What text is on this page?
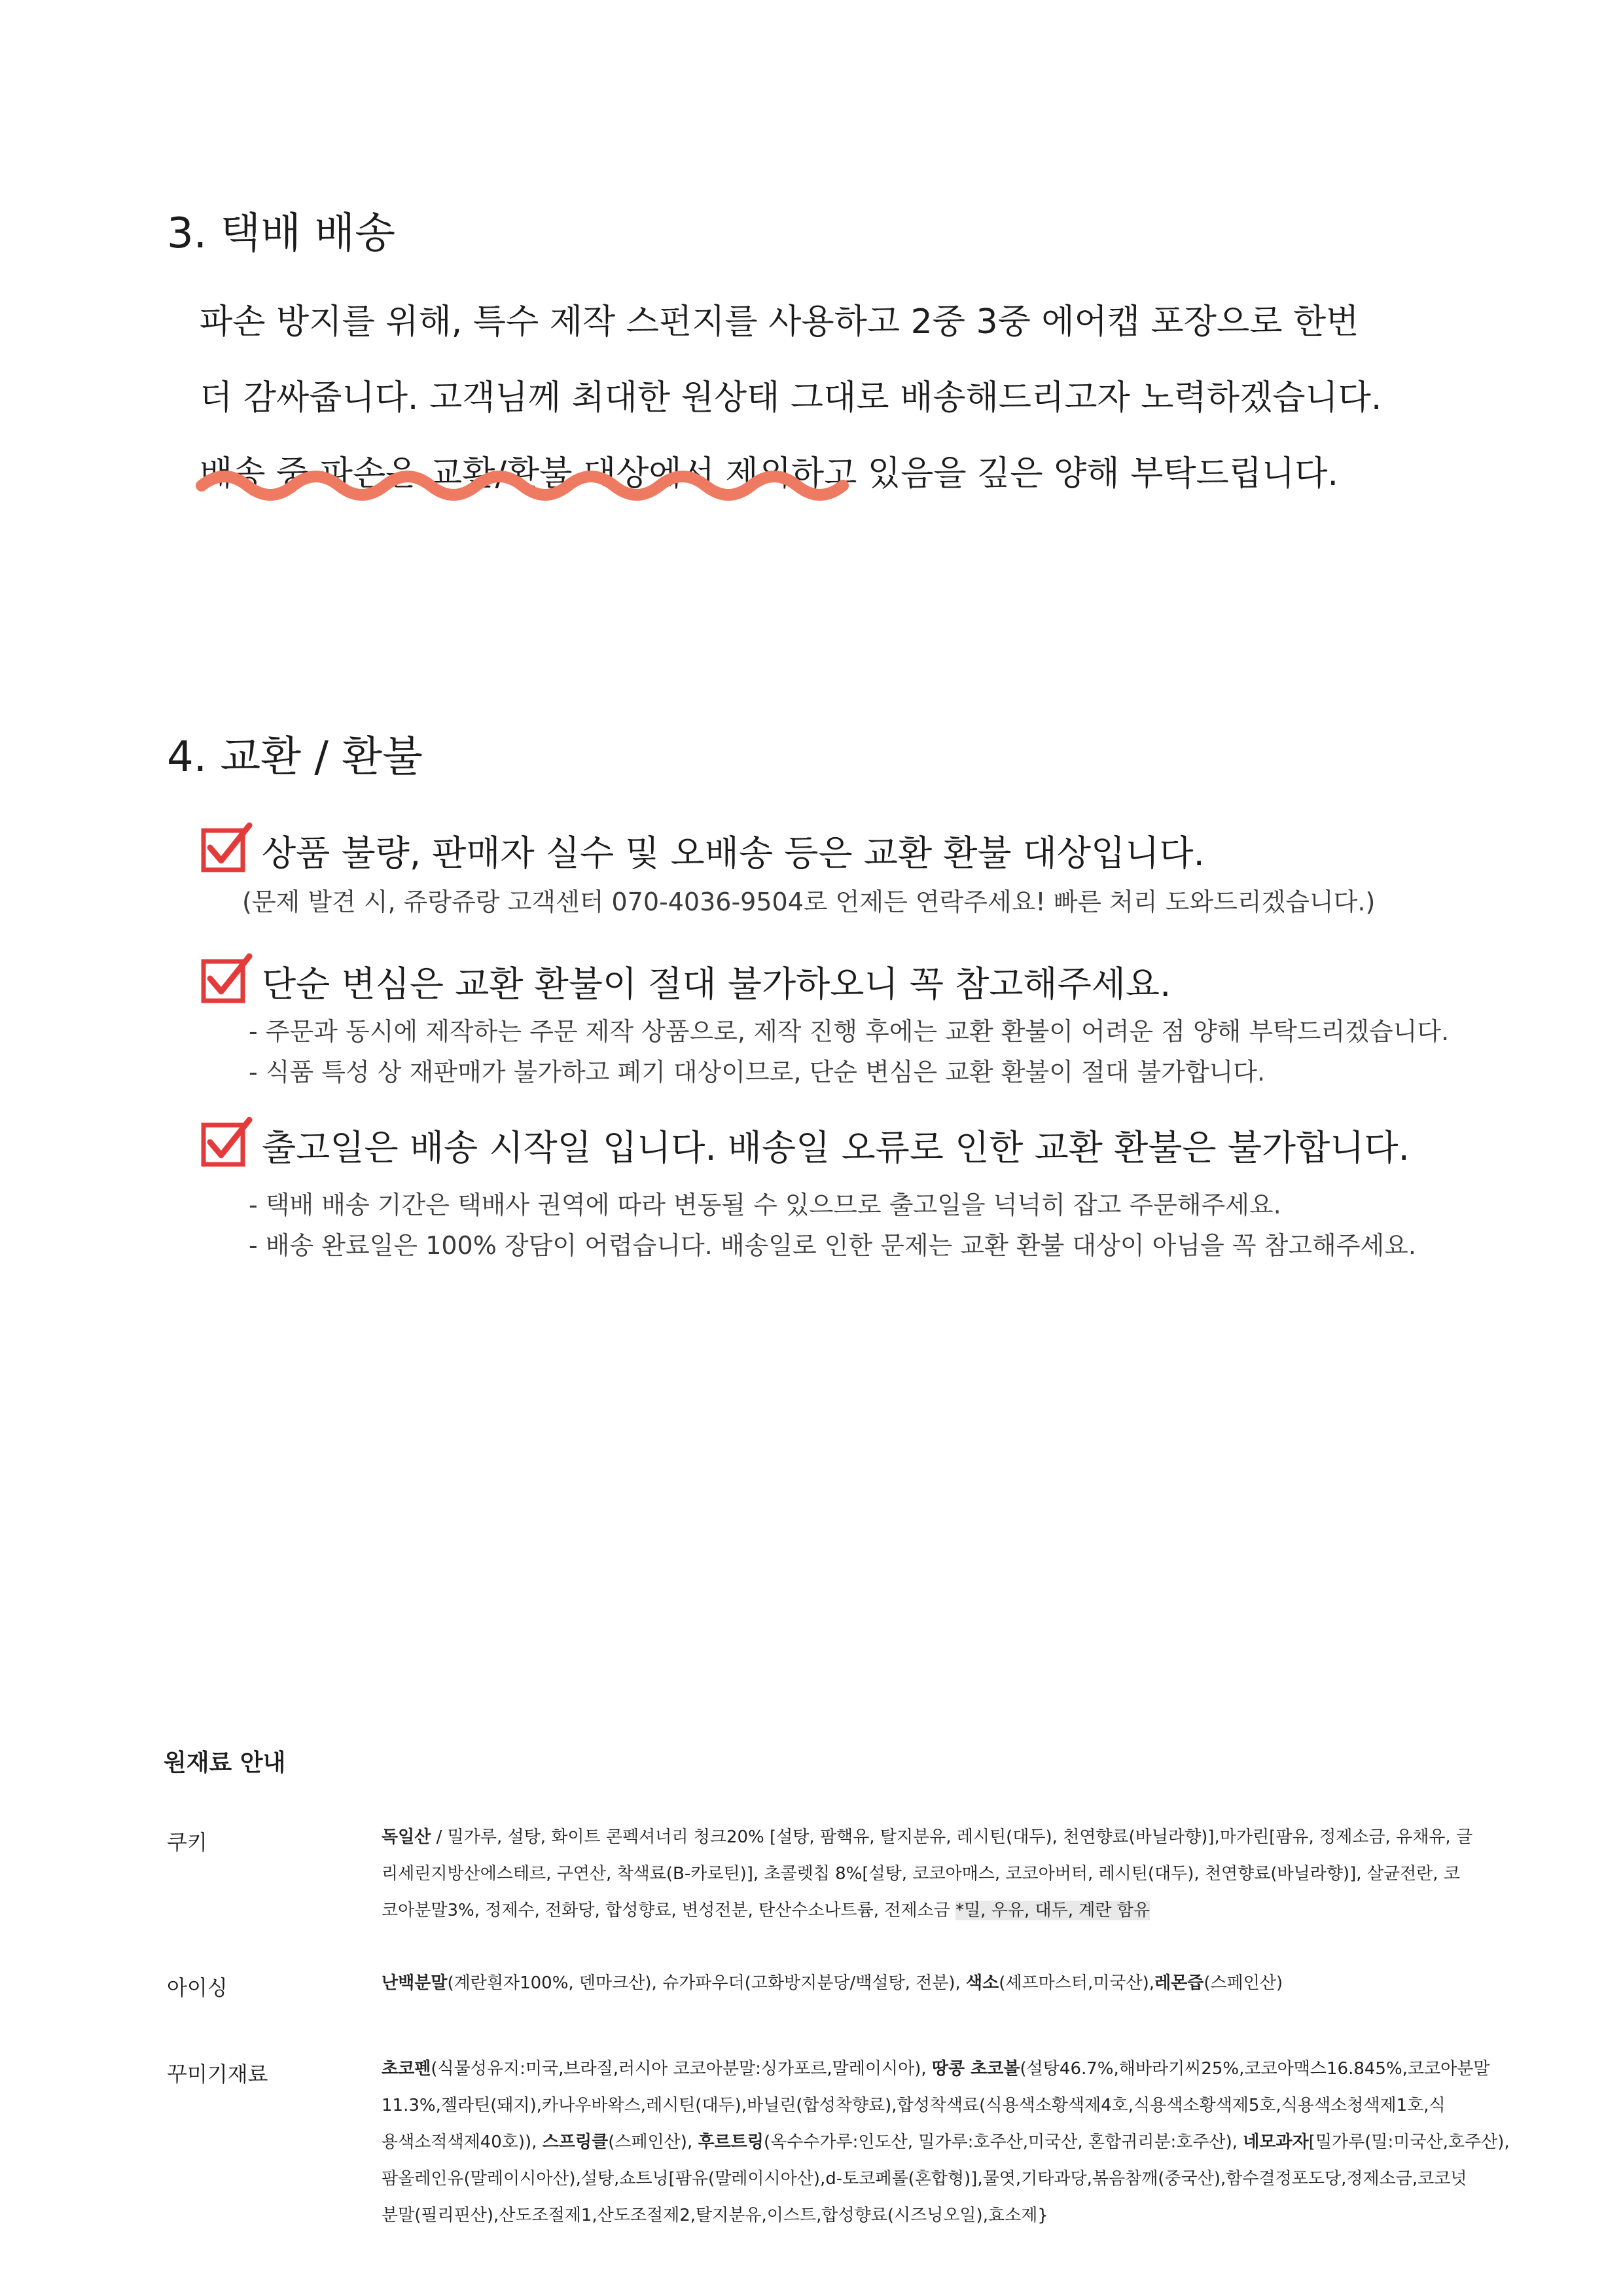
3. 택배 배송
파손 방지를 위해, 특수 제작 스펀지를 사용하고 2중 3중 에어캡 포장으로 한번
더 감싸줍니다. 고객님께 최대한 원상태 그대로 배송해드리고자 노력하겠습니다.
배송 중 파손은 교환/환불 대상에서 제외하고 있음을 깊은 양해 부탁드립니다.
4. 교환 / 환불
상품 불량, 판매자 실수 및 오배송 등은 교환 환불 대상입니다.
(문제 발견 시, 쥬랑쥬랑 고객센터 070-4036-9504로 언제든 연락주세요! 빠른 처리 도와드리겠습니다.)
단순 변심은 교환 환불이 절대 불가하오니 꼭 참고해주세요.
- 주문과 동시에 제작하는 주문 제작 상품으로, 제작 진행 후에는 교환 환불이 어려운 점 양해 부탁드리겠습니다.
- 식품 특성 상 재판매가 불가하고 폐기 대상이므로, 단순 변심은 교환 환불이 절대 불가합니다.
출고일은 배송 시작일 입니다. 배송일 오류로 인한 교환 환불은 불가합니다.
- 택배 배송 기간은 택배사 권역에 따라 변동될 수 있으므로 출고일을 넉넉히 잡고 주문해주세요.
- 배송 완료일은 100% 장담이 어렵습니다. 배송일로 인한 문제는 교환 환불 대상이 아님을 꼭 참고해주세요.
원재료 안내
쿠키	독일산 / 밀가루, 설탕, 화이트 콘펙셔너리 청크20% [설탕, 팜핵유, 탈지분유, 레시틴(대두), 천연향료(바닐라향)],마가린[팜유, 정제소금, 유채유, 글
리세린지방산에스테르, 구연산, 착색료(B-카로틴)], 초콜렛칩 8%[설탕, 코코아매스, 코코아버터, 레시틴(대두), 천연향료(바닐라향)], 살균전란, 코
코아분말3%, 정제수, 전화당, 합성향료, 변성전분, 탄산수소나트륨, 전제소금 *밀, 우유, 대두, 계란 함유
아이싱	난백분말(계란흰자100%, 덴마크산), 슈가파우더(고화방지분당/백설탕, 전분), 색소(셰프마스터,미국산),레몬즙(스페인산)
꾸미기재료	초코펜(식물성유지:미국,브라질,러시아 코코아분말:싱가포르,말레이시아), 땅콩 초코볼(설탕46.7%,해바라기씨25%,코코아맥스16.845%,코코아분말
11.3%,젤라틴(돼지),카나우바왁스,레시틴(대두),바닐린(합성착향료),합성착색료(식용색소황색제4호,식용색소황색제5호,식용색소청색제1호,식
용색소적색제40호)), 스프링클(스페인산), 후르트링(옥수수가루:인도산, 밀가루:호주산,미국산, 혼합귀리분:호주산), 네모과자[밀가루(밀:미국산,호주산),
팜올레인유(말레이시아산),설탕,쇼트닝[팜유(말레이시아산),d-토코페롤(혼합형)],물엿,기타과당,볶음참깨(중국산),함수결정포도당,정제소금,코코넛
분말(필리핀산),산도조절제1,산도조절제2,탈지분유,이스트,합성향료(시즈닝오일),효소제}
